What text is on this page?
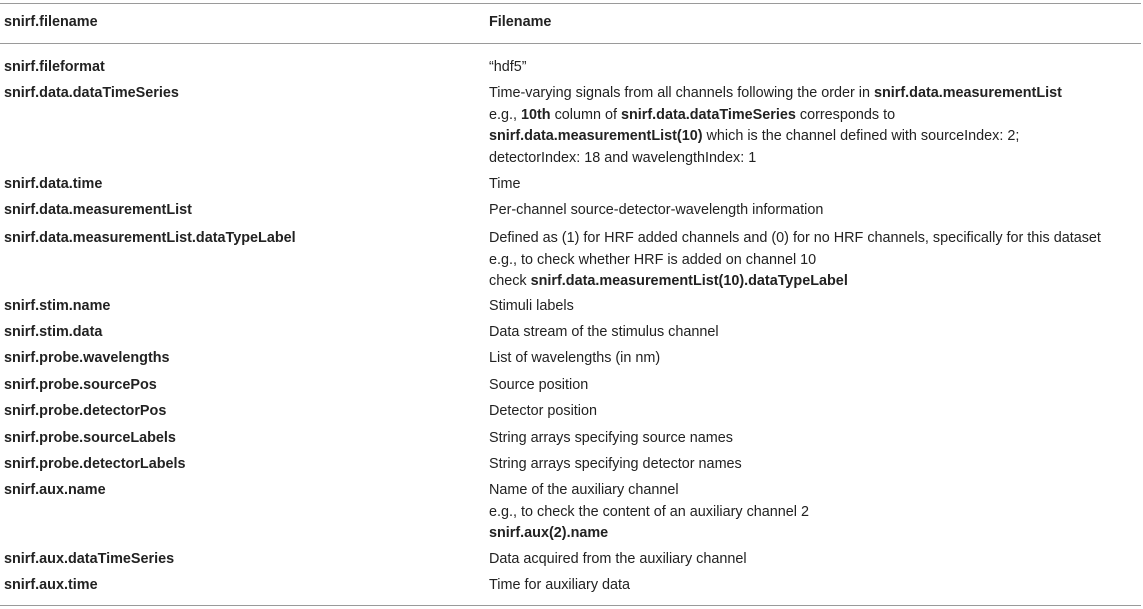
snirf.filename	Filename
snirf.fileformat	“hdf5”
snirf.data.dataTimeSeries	Time-varying signals from all channels following the order in snirf.data.measurementList
e.g., 10th column of snirf.data.dataTimeSeries corresponds to
snirf.data.measurementList(10) which is the channel defined with sourceIndex: 2;
detectorIndex: 18 and wavelengthIndex: 1
snirf.data.time	Time
snirf.data.measurementList	Per-channel source-detector-wavelength information
snirf.data.measurementList.dataTypeLabel	Defined as (1) for HRF added channels and (0) for no HRF channels, specifically for this dataset
e.g., to check whether HRF is added on channel 10
check snirf.data.measurementList(10).dataTypeLabel
snirf.stim.name	Stimuli labels
snirf.stim.data	Data stream of the stimulus channel
snirf.probe.wavelengths	List of wavelengths (in nm)
snirf.probe.sourcePos	Source position
snirf.probe.detectorPos	Detector position
snirf.probe.sourceLabels	String arrays specifying source names
snirf.probe.detectorLabels	String arrays specifying detector names
snirf.aux.name	Name of the auxiliary channel
e.g., to check the content of an auxiliary channel 2
snirf.aux(2).name
snirf.aux.dataTimeSeries	Data acquired from the auxiliary channel
snirf.aux.time	Time for auxiliary data
